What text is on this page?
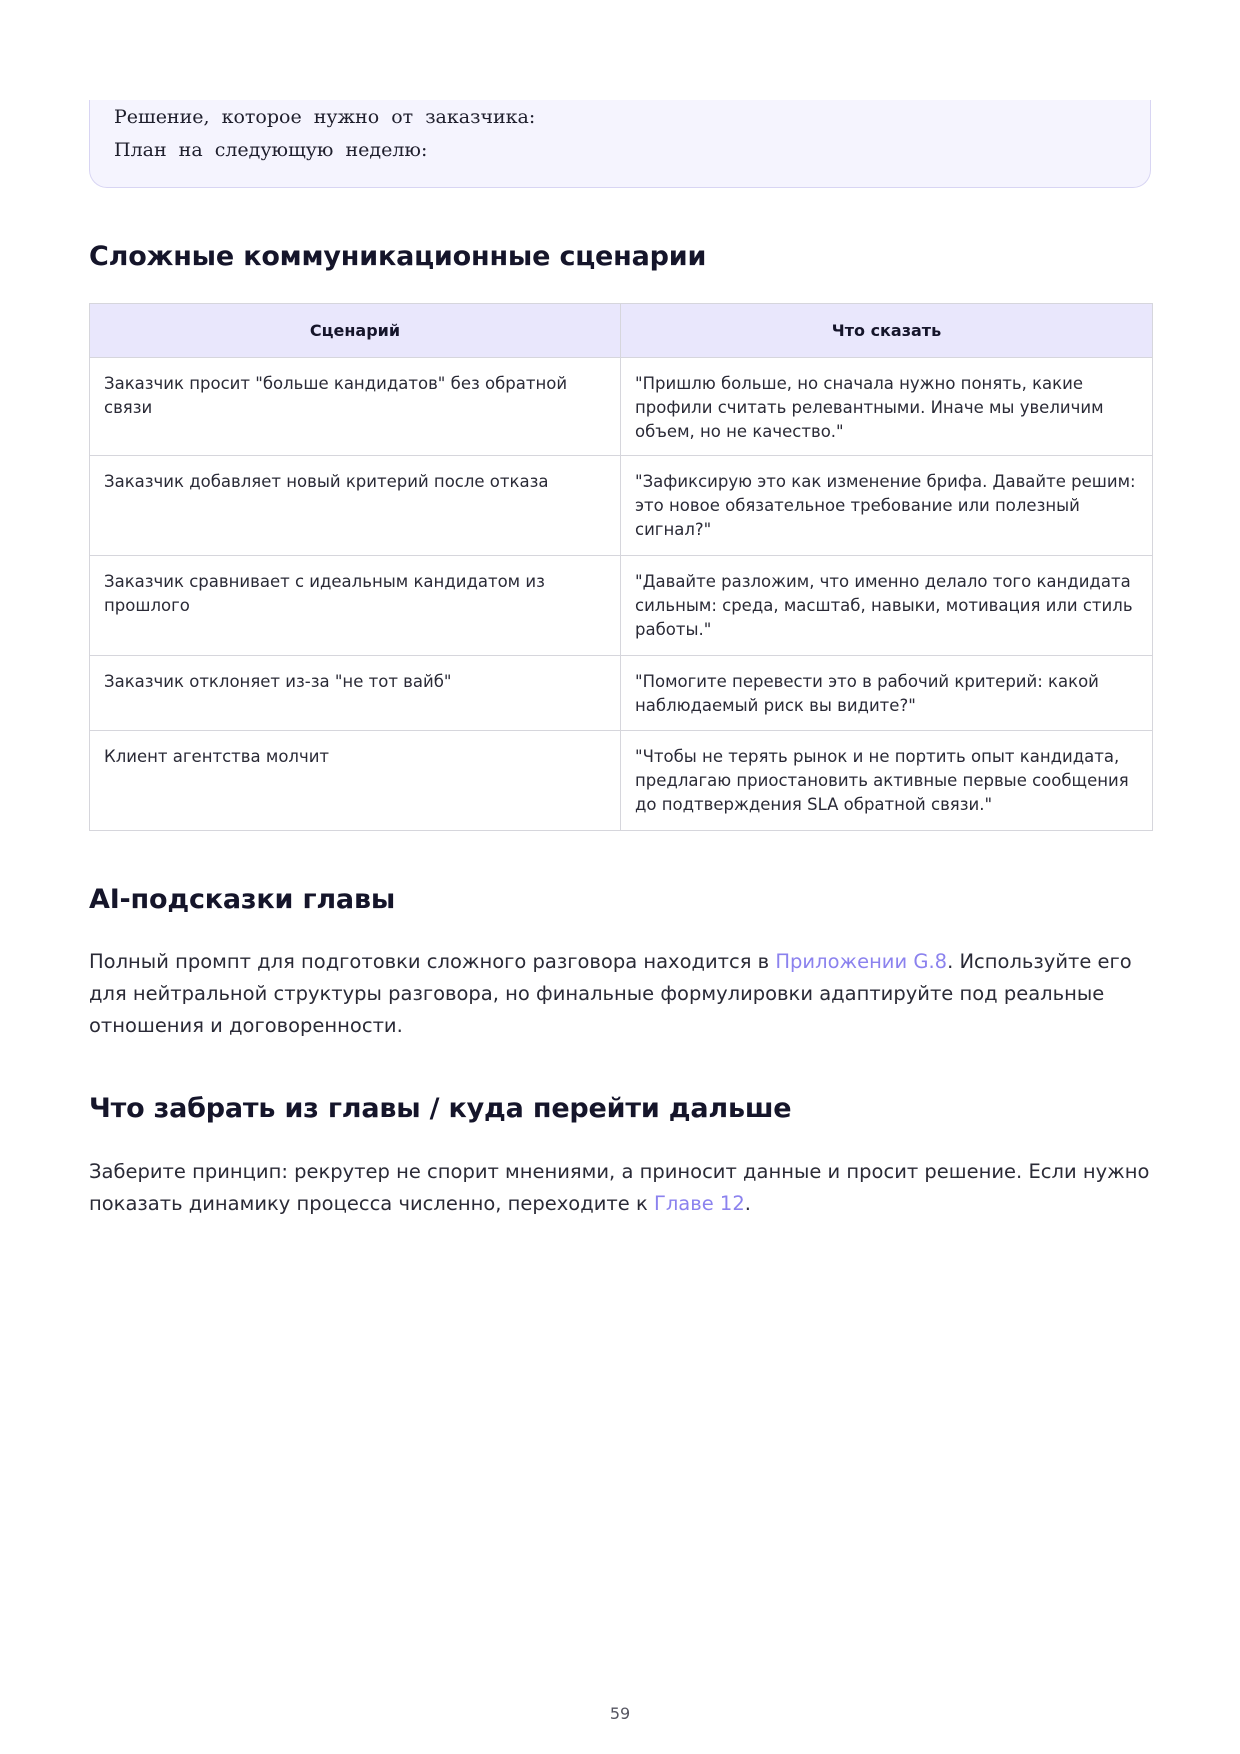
Решение, которое нужно от заказчика:
План на следующую неделю:
Сложные коммуникационные сценарии
Сценарий	Что сказать
Заказчик просит "больше кандидатов" без обратной связи	"Пришлю больше, но сначала нужно понять, какие профили считать релевантными. Иначе мы увеличим объем, но не качество."
Заказчик добавляет новый критерий после отказа	"Зафиксирую это как изменение брифа. Давайте решим: это новое обязательное требование или полезный сигнал?"
Заказчик сравнивает с идеальным кандидатом из прошлого	"Давайте разложим, что именно делало того кандидата сильным: среда, масштаб, навыки, мотивация или стиль работы."
Заказчик отклоняет из-за "не тот вайб"	"Помогите перевести это в рабочий критерий: какой наблюдаемый риск вы видите?"
Клиент агентства молчит	"Чтобы не терять рынок и не портить опыт кандидата, предлагаю приостановить активные первые сообщения до подтверждения SLA обратной связи."
AI-подсказки главы

Полный промпт для подготовки сложного разговора находится в Приложении G.8. Используйте его для нейтральной структуры разговора, но финальные формулировки адаптируйте под реальные отношения и договоренности.

Что забрать из главы / куда перейти дальше

Заберите принцип: рекрутер не спорит мнениями, а приносит данные и просит решение. Если нужно показать динамику процесса численно, переходите к Главе 12.

59
